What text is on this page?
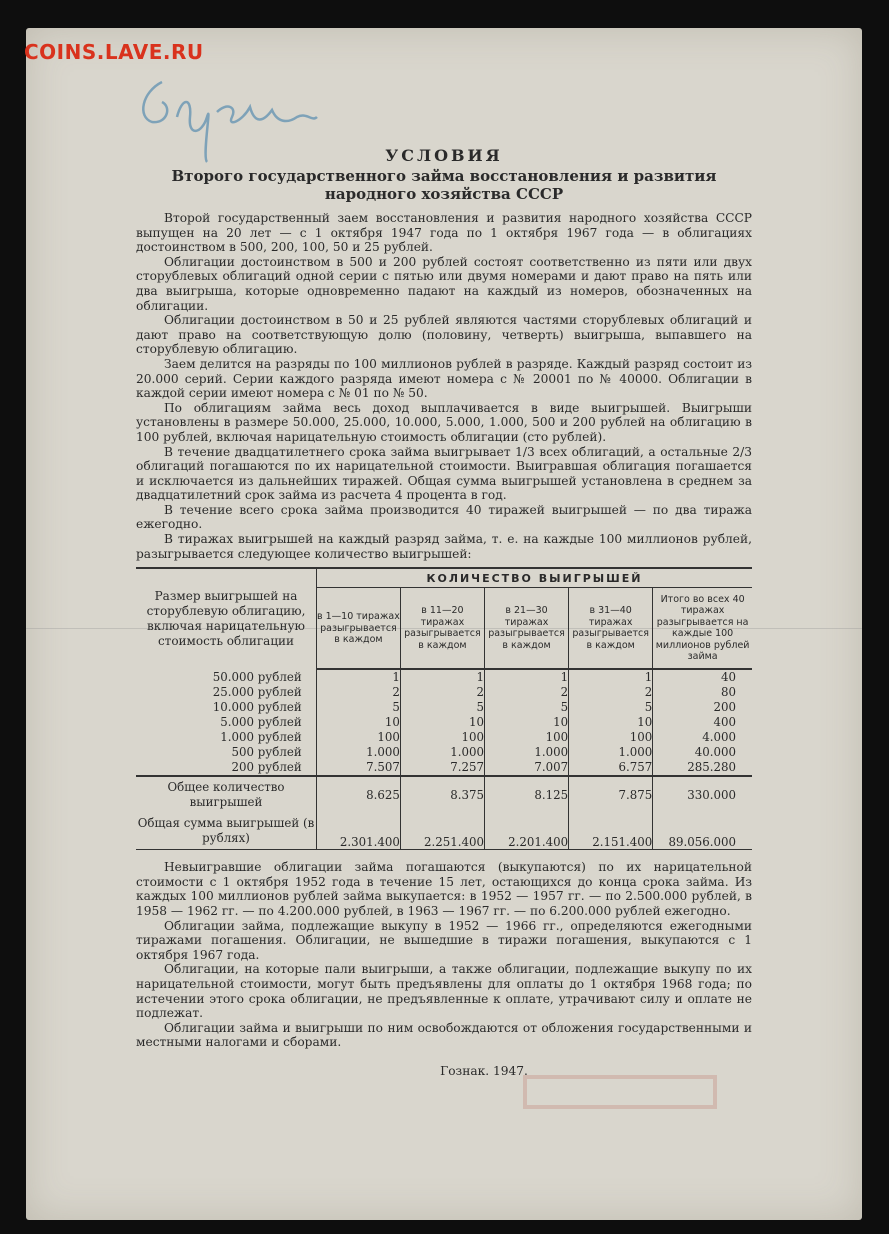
COINS.LAVE.RU

УСЛОВИЯ

Второго государственного займа восстановления и развития
народного хозяйства СССР

Второй государственный заем восстановления и развития народного хозяйства СССР выпущен на 20 лет — с 1 октября 1947 года по 1 октября 1967 года — в облигациях достоинством в 500, 200, 100, 50 и 25 рублей.

Облигации достоинством в 500 и 200 рублей состоят соответственно из пяти или двух сторублевых облигаций одной серии с пятью или двумя номерами и дают право на пять или два выигрыша, которые одновременно падают на каждый из номеров, обозначенных на облигации.

Облигации достоинством в 50 и 25 рублей являются частями сторублевых облигаций и дают право на соответствующую долю (половину, четверть) выигрыша, выпавшего на сторублевую облигацию.

Заем делится на разряды по 100 миллионов рублей в разряде. Каждый разряд состоит из 20.000 серий. Серии каждого разряда имеют номера с № 20001 по № 40000. Облигации в каждой серии имеют номера с № 01 по № 50.

По облигациям займа весь доход выплачивается в виде выигрышей. Выигрыши установлены в размере 50.000, 25.000, 10.000, 5.000, 1.000, 500 и 200 рублей на облигацию в 100 рублей, включая нарицательную стоимость облигации (сто рублей).

В течение двадцатилетнего срока займа выигрывает 1/3 всех облигаций, а остальные 2/3 облигаций погашаются по их нарицательной стоимости. Выигравшая облигация погашается и исключается из дальнейших тиражей. Общая сумма выигрышей установлена в среднем за двадцатилетний срок займа из расчета 4 процента в год.

В течение всего срока займа производится 40 тиражей выигрышей — по два тиража ежегодно.

В тиражах выигрышей на каждый разряд займа, т. е. на каждые 100 миллионов рублей, разыгрывается следующее количество выигрышей:

Размер выигрышей на сторублевую облигацию, включая нарицательную стоимость облигации	КОЛИЧЕСТВО ВЫИГРЫШЕЙ				
	в 1—10 тиражах разыгрывается в каждом	в 11—20 тиражах разыгрывается в каждом	в 21—30 тиражах разыгрывается в каждом	в 31—40 тиражах разыгрывается в каждом	Итого во всех 40 тиражах разыгрывается на каждые 100 миллионов рублей займа
50.000 рублей	1	1	1	1	40
25.000 рублей	2	2	2	2	80
10.000 рублей	5	5	5	5	200
5.000 рублей	10	10	10	10	400
1.000 рублей	100	100	100	100	4.000
500 рублей	1.000	1.000	1.000	1.000	40.000
200 рублей	7.507	7.257	7.007	6.757	285.280
Общее количество выигрышей	8.625	8.375	8.125	7.875	330.000
Общая сумма выигрышей (в рублях)	2.301.400	2.251.400	2.201.400	2.151.400	89.056.000

Невыигравшие облигации займа погашаются (выкупаются) по их нарицательной стоимости с 1 октября 1952 года в течение 15 лет, остающихся до конца срока займа. Из каждых 100 миллионов рублей займа выкупается: в 1952 — 1957 гг. — по 2.500.000 рублей, в 1958 — 1962 гг. — по 4.200.000 рублей, в 1963 — 1967 гг. — по 6.200.000 рублей ежегодно.

Облигации займа, подлежащие выкупу в 1952 — 1966 гг., определяются ежегодными тиражами погашения. Облигации, не вышедшие в тиражи погашения, выкупаются с 1 октября 1967 года.

Облигации, на которые пали выигрыши, а также облигации, подлежащие выкупу по их нарицательной стоимости, могут быть предъявлены для оплаты до 1 октября 1968 года; по истечении этого срока облигации, не предъявленные к оплате, утрачивают силу и оплате не подлежат.

Облигации займа и выигрыши по ним освобождаются от обложения государственными и местными налогами и сборами.

Гознак. 1947.
